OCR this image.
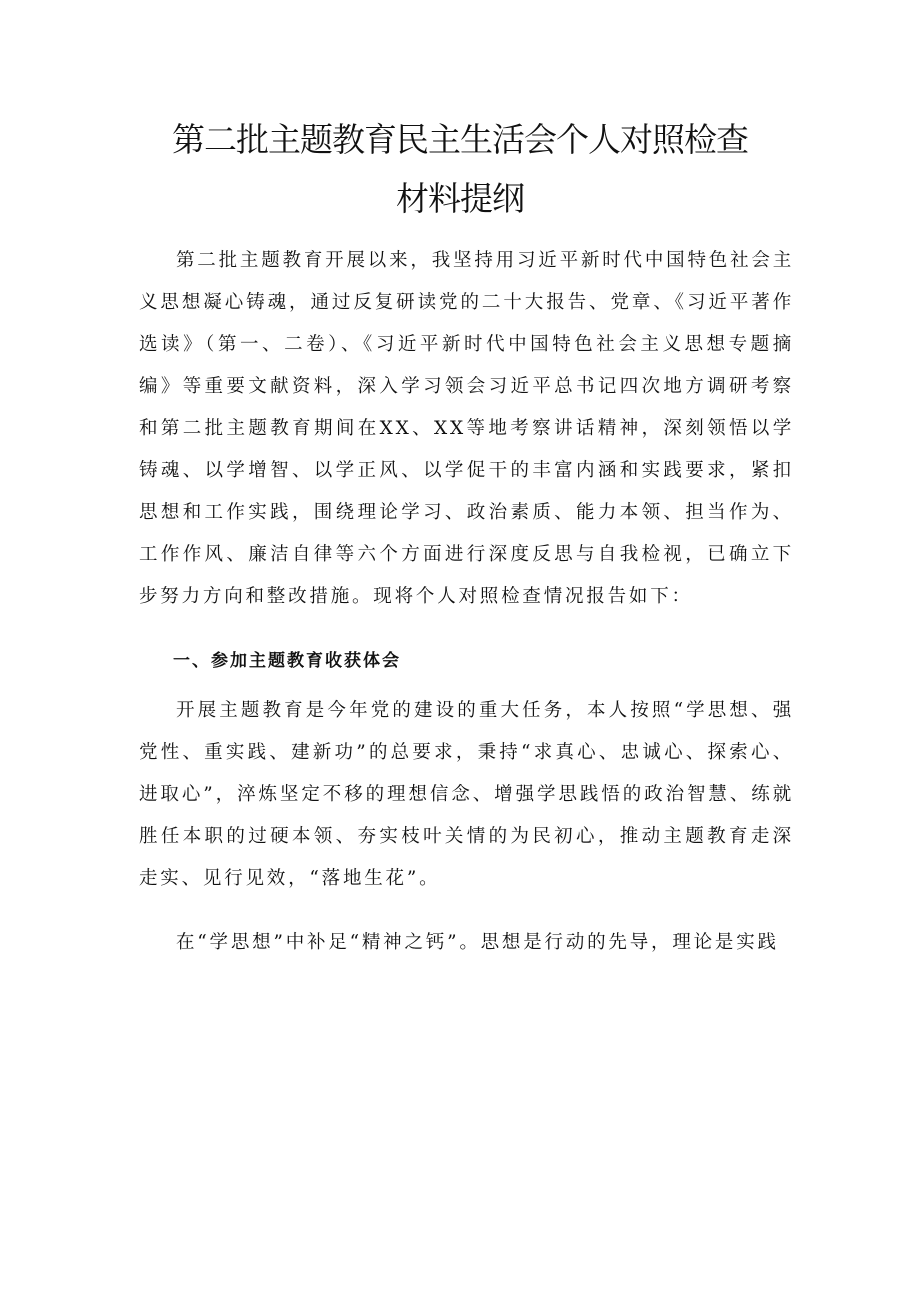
第二批主题教育民主生活会个人对照检查
材料提纲

第二批主题教育开展以来，我坚持用习近平新时代中国特色社会主义思想凝心铸魂，通过反复研读党的二十大报告、党章、《习近平著作选读》（第一、二卷）、《习近平新时代中国特色社会主义思想专题摘编》等重要文献资料，深入学习领会习近平总书记四次地方调研考察和第二批主题教育期间在XX、XX等地考察讲话精神，深刻领悟以学铸魂、以学增智、以学正风、以学促干的丰富内涵和实践要求，紧扣思想和工作实践，围绕理论学习、政治素质、能力本领、担当作为、工作作风、廉洁自律等六个方面进行深度反思与自我检视，已确立下步努力方向和整改措施。现将个人对照检查情况报告如下：

一、参加主题教育收获体会

开展主题教育是今年党的建设的重大任务，本人按照“学思想、强党性、重实践、建新功”的总要求，秉持“求真心、忠诚心、探索心、进取心”，淬炼坚定不移的理想信念、增强学思践悟的政治智慧、练就胜任本职的过硬本领、夯实枝叶关情的为民初心，推动主题教育走深走实、见行见效，“落地生花”。

在“学思想”中补足“精神之钙”。思想是行动的先导，理论是实践
